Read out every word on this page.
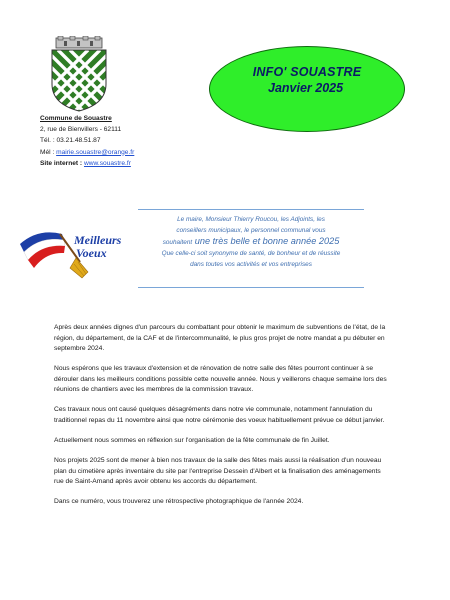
Commune de Souastre
2, rue de Bienvillers - 62111
Tél. : 03.21.48.51.87
Mél : mairie.souastre@orange.fr
Site internet : www.souastre.fr
INFO' SOUASTRE
Janvier 2025
Meilleurs
Voeux
Le maire, Monsieur Thierry Roucou, les Adjoints, les
conseillers municipaux, le personnel communal vous
souhaitent une très belle et bonne année 2025
Que celle-ci soit synonyme de santé, de bonheur et de réussite
dans toutes vos activités et vos entreprises

Après deux années dignes d'un parcours du combattant pour obtenir le maximum de subventions de l'état, de la région, du département, de la CAF et de l'intercommunalité, le plus gros projet de notre mandat a pu débuter en septembre 2024.

Nous espérons que les travaux d'extension et de rénovation de notre salle des fêtes pourront continuer à se dérouler dans les meilleurs conditions possible cette nouvelle année. Nous y veillerons chaque semaine lors des réunions de chantiers avec les membres de la commission travaux.

Ces travaux nous ont causé quelques désagréments dans notre vie communale, notamment l'annulation du traditionnel repas du 11 novembre ainsi que notre cérémonie des voeux habituellement prévue ce début janvier.

Actuellement nous sommes en réflexion sur l'organisation de la fête communale de fin Juillet.

Nos projets 2025 sont de mener à bien nos travaux de la salle des fêtes mais aussi la réalisation d'un nouveau plan du cimetière après inventaire du site par l'entreprise Dessein d'Albert et la finalisation des aménagements rue de Saint-Amand après avoir obtenu les accords du département.

Dans ce numéro, vous trouverez une rétrospective photographique de l'année 2024.
